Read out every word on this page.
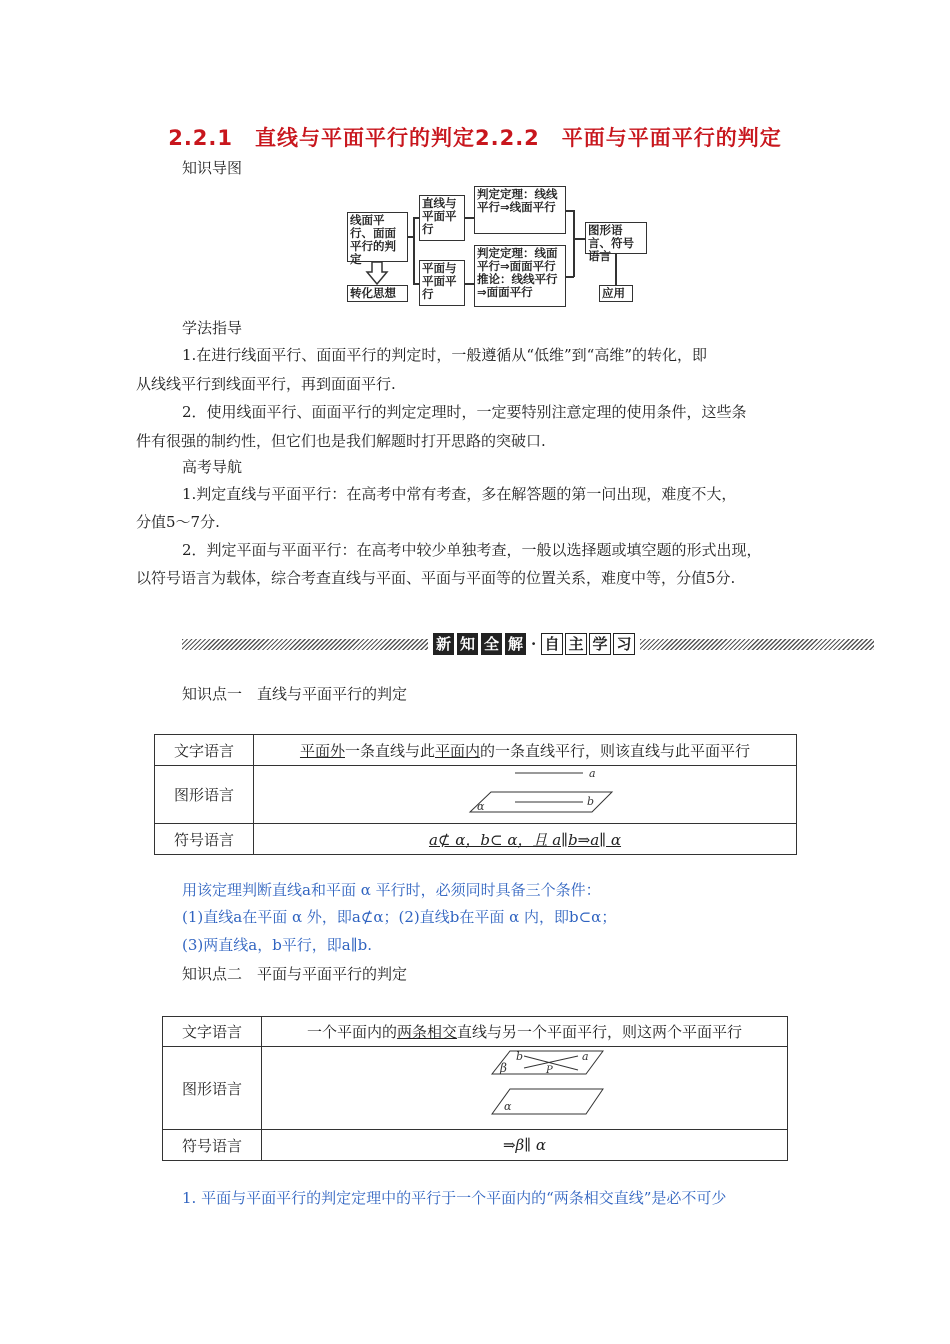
2.2.1　直线与平面平行的判定2.2.2　平面与平面平行的判定
知识导图
线面平行、面面平行的判定
转化思想
直线与平面平行
平面与平面平行
判定定理：线线平行⇒线面平行
判定定理：线面平行⇒面面平行推论：线线平行⇒面面平行
图形语言、符号语言
应用
学法指导
1.在进行线面平行、面面平行的判定时，一般遵循从“低维”到“高维”的转化，即
从线线平行到线面平行，再到面面平行.
2．使用线面平行、面面平行的判定定理时，一定要特别注意定理的使用条件，这些条
件有很强的制约性，但它们也是我们解题时打开思路的突破口.
高考导航
1.判定直线与平面平行：在高考中常有考查，多在解答题的第一问出现，难度不大，
分值5～7分.
2．判定平面与平面平行：在高考中较少单独考查，一般以选择题或填空题的形式出现，
以符号语言为载体，综合考查直线与平面、平面与平面等的位置关系，难度中等，分值5分.
新 知 全 解 · 自 主 学 习
知识点一　直线与平面平行的判定
文字语言	平面外一条直线与此平面内的一条直线平行，则该直线与此平面平行
图形语言	a
b
α

符号语言	a⊄ α，b⊂ α，且 a∥b⇒a∥ α
用该定理判断直线a和平面 α 平行时，必须同时具备三个条件：
(1)直线a在平面 α 外，即a⊄α；(2)直线b在平面 α 内，即b⊂α；
(3)两直线a，b平行，即a∥b.
知识点二　平面与平面平行的判定
文字语言	一个平面内的两条相交直线与另一个平面平行，则这两个平面平行
图形语言	b a
P
β
α

符号语言	⇒β∥ α
1. 平面与平面平行的判定定理中的平行于一个平面内的“两条相交直线”是必不可少
